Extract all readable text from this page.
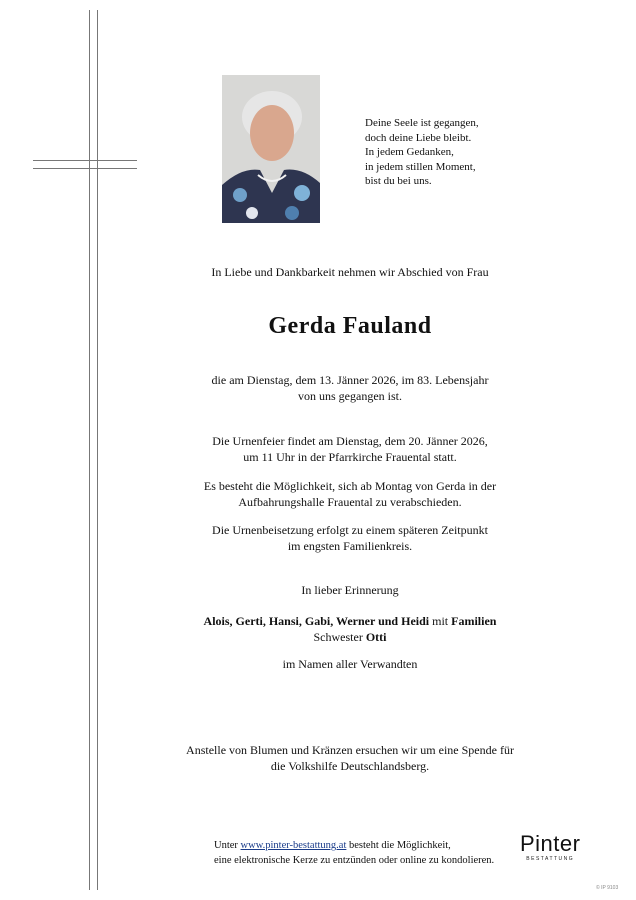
Deine Seele ist gegangen,
doch deine Liebe bleibt.
In jedem Gedanken,
in jedem stillen Moment,
bist du bei uns.
In Liebe und Dankbarkeit nehmen wir Abschied von Frau
Gerda Fauland
die am Dienstag, dem 13. Jänner 2026, im 83. Lebensjahr
von uns gegangen ist.
Die Urnenfeier findet am Dienstag, dem 20. Jänner 2026,
um 11 Uhr in der Pfarrkirche Frauental statt.
Es besteht die Möglichkeit, sich ab Montag von Gerda in der
Aufbahrungshalle Frauental zu verabschieden.
Die Urnenbeisetzung erfolgt zu einem späteren Zeitpunkt
im engsten Familienkreis.
In lieber Erinnerung
Alois, Gerti, Hansi, Gabi, Werner und Heidi mit Familien
Schwester Otti
im Namen aller Verwandten
Anstelle von Blumen und Kränzen ersuchen wir um eine Spende für
die Volkshilfe Deutschlandsberg.
Unter www.pinter-bestattung.at besteht die Möglichkeit,
eine elektronische Kerze zu entzünden oder online zu kondolieren.
Pinter
BESTATTUNG
© IP 9103
